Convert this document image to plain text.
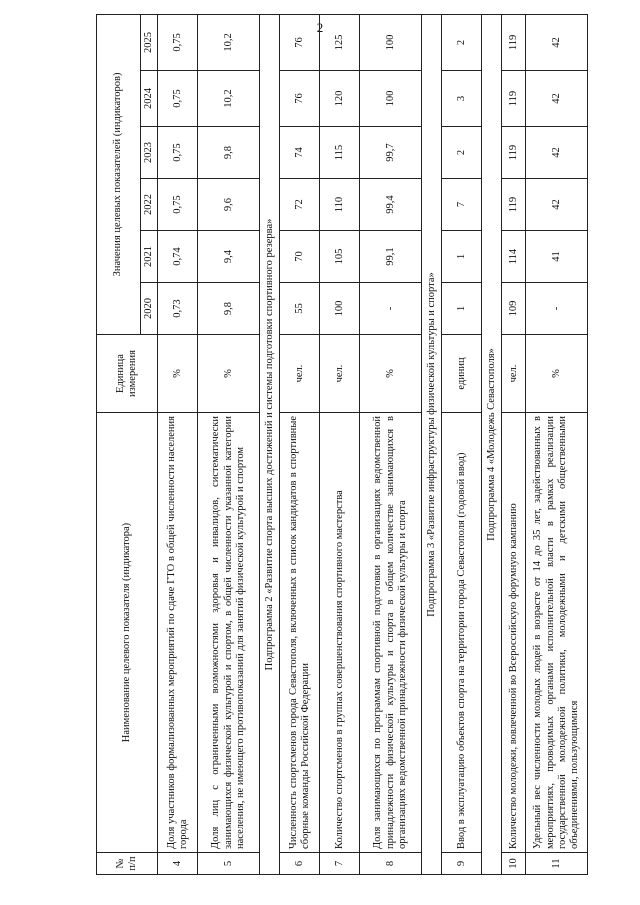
2
№ п/п	Наименование целевого показателя (индикатора)	Единица измерения	Значения целевых показателей (индикаторов)					
			2020	2021	2022	2023	2024	2025
4	Доля участников формализованных мероприятий по сдаче ГТО в общей численности населения города	%	0,73	0,74	0,75	0,75	0,75	0,75
5	Доля лиц с ограниченными возможностями здоровья и инвалидов, систематически занимающихся физической культурой и спортом, в общей численности указанной категории населения, не имеющего противопоказаний для занятий физической культурой и спортом	%	9,8	9,4	9,6	9,8	10,2	10,2
Подпрограмма 2 «Развитие спорта высших достижений и системы подготовки спортивного резерва»								
6	Численность спортсменов города Севастополя, включенных в список кандидатов в спортивные сборные команды Российской Федерации	чел.	55	70	72	74	76	76
7	Количество спортсменов в группах совершенствования спортивного мастерства	чел.	100	105	110	115	120	125
8	Доля занимающихся по программам спортивной подготовки в организациях ведомственной принадлежности физической культуры и спорта в общем количестве занимающихся в организациях ведомственной принадлежности физической культуры и спорта	%	-	99,1	99,4	99,7	100	100
Подпрограмма 3 «Развитие инфраструктуры физической культуры и спорта»								
9	Ввод в эксплуатацию объектов спорта на территории города Севастополя (годовой ввод)	единиц	1	1	7	2	3	2
Подпрограмма 4 «Молодежь Севастополя»								
10	Количество молодежи, вовлеченной во Всероссийскую форумную кампанию	чел.	109	114	119	119	119	119
11	Удельный вес численности молодых людей в возрасте от 14 до 35 лет, задействованных в мероприятиях, проводимых органами исполнительной власти в рамках реализации государственной молодежной политики, молодежными и детскими общественными объединениями, пользующимися	%	-	41	42	42	42	42
